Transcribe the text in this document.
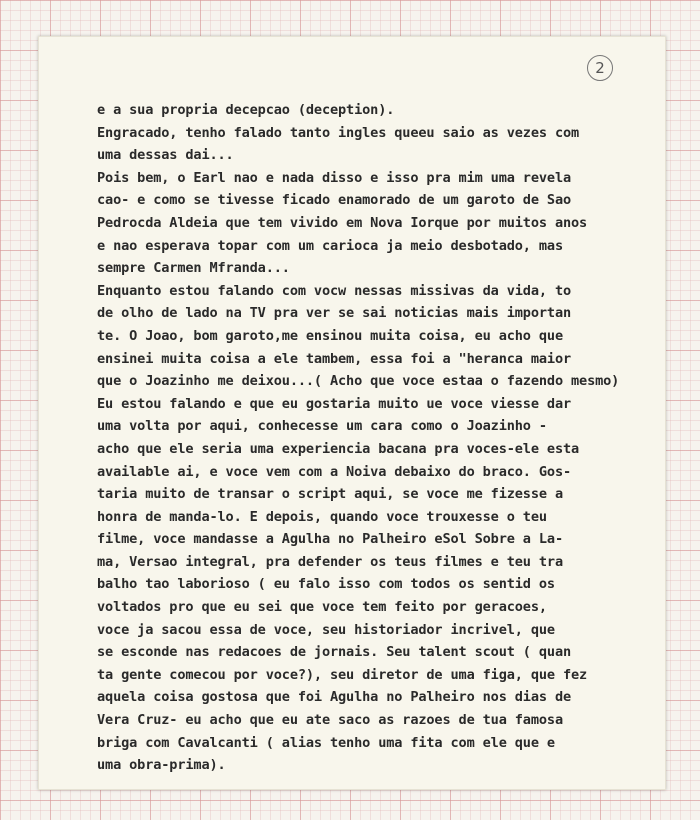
2
e a sua propria decepcao (deception).
Engracado, tenho falado tanto ingles queeu saio as vezes com
uma dessas dai...
Pois bem, o Earl nao e nada disso e isso pra mim uma revela
cao- e como se tivesse ficado enamorado de um garoto de Sao
Pedrocda Aldeia que tem vivido em Nova Iorque por muitos anos
e nao esperava topar com um carioca ja meio desbotado, mas
sempre Carmen Mfranda...
Enquanto estou falando com vocw nessas missivas da vida, to
de olho de lado na TV pra ver se sai noticias mais importan
te. O Joao, bom garoto,me ensinou muita coisa, eu acho que
ensinei muita coisa a ele tambem, essa foi a "heranca maior
que o Joazinho me deixou...( Acho que voce estaa o fazendo mesmo)
Eu estou falando e que eu gostaria muito ue voce viesse dar
uma volta por aqui, conhecesse um cara como o Joazinho -
acho que ele seria uma experiencia bacana pra voces-ele esta
available ai, e voce vem com a Noiva debaixo do braco. Gos-
taria muito de transar o script aqui, se voce me fizesse a
honra de manda-lo. E depois, quando voce trouxesse o teu
filme, voce mandasse a Agulha no Palheiro eSol Sobre a La-
ma, Versao integral, pra defender os teus filmes e teu tra
balho tao laborioso ( eu falo isso com todos os sentid os
voltados pro que eu sei que voce tem feito por geracoes,
voce ja sacou essa de voce, seu historiador incrivel, que
se esconde nas redacoes de jornais. Seu talent scout ( quan
ta gente comecou por voce?), seu diretor de uma figa, que fez
aquela coisa gostosa que foi Agulha no Palheiro nos dias de
Vera Cruz- eu acho que eu ate saco as razoes de tua famosa
briga com Cavalcanti ( alias tenho uma fita com ele que e
uma obra-prima).
